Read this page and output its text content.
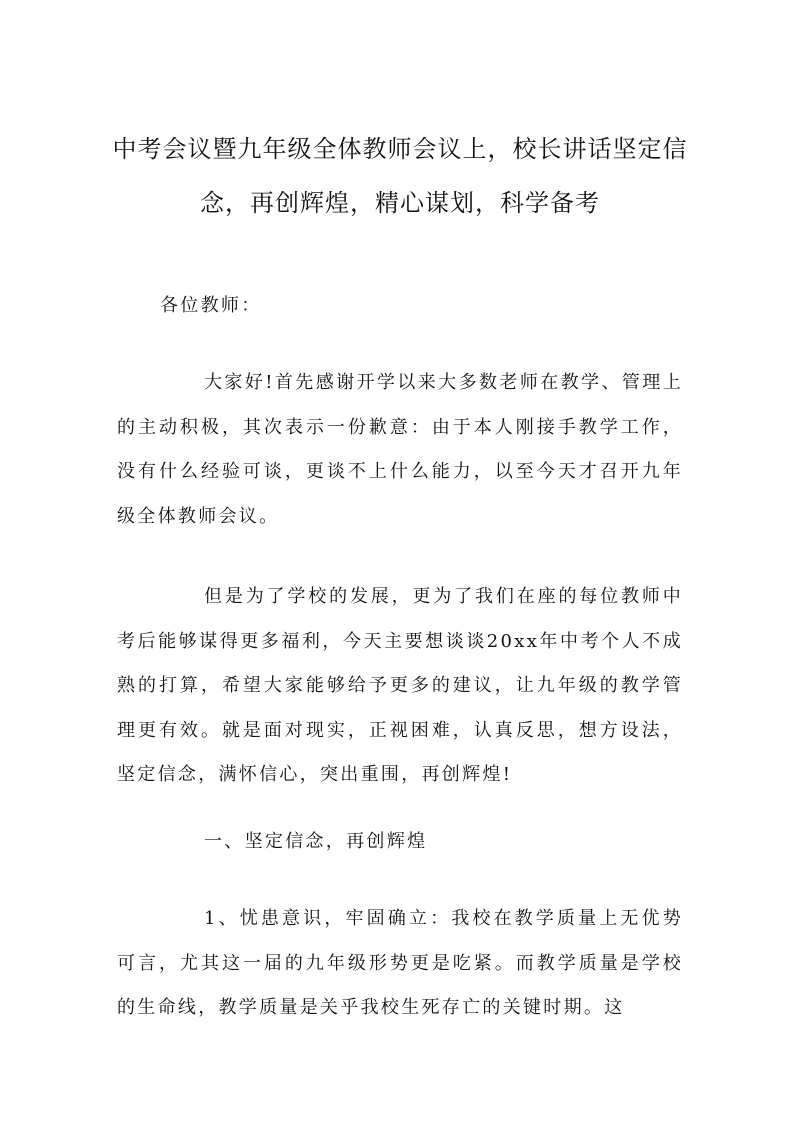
中考会议暨九年级全体教师会议上，校长讲话坚定信念，再创辉煌，精心谋划，科学备考
各位教师：
大家好!首先感谢开学以来大多数老师在教学、管理上的主动积极，其次表示一份歉意：由于本人刚接手教学工作，没有什么经验可谈，更谈不上什么能力，以至今天才召开九年级全体教师会议。
但是为了学校的发展，更为了我们在座的每位教师中考后能够谋得更多福利，今天主要想谈谈20xx年中考个人不成熟的打算，希望大家能够给予更多的建议，让九年级的教学管理更有效。就是面对现实，正视困难，认真反思，想方设法，坚定信念，满怀信心，突出重围，再创辉煌!
一、坚定信念，再创辉煌
1、忧患意识，牢固确立：我校在教学质量上无优势可言，尤其这一届的九年级形势更是吃紧。而教学质量是学校的生命线，教学质量是关乎我校生死存亡的关键时期。这
